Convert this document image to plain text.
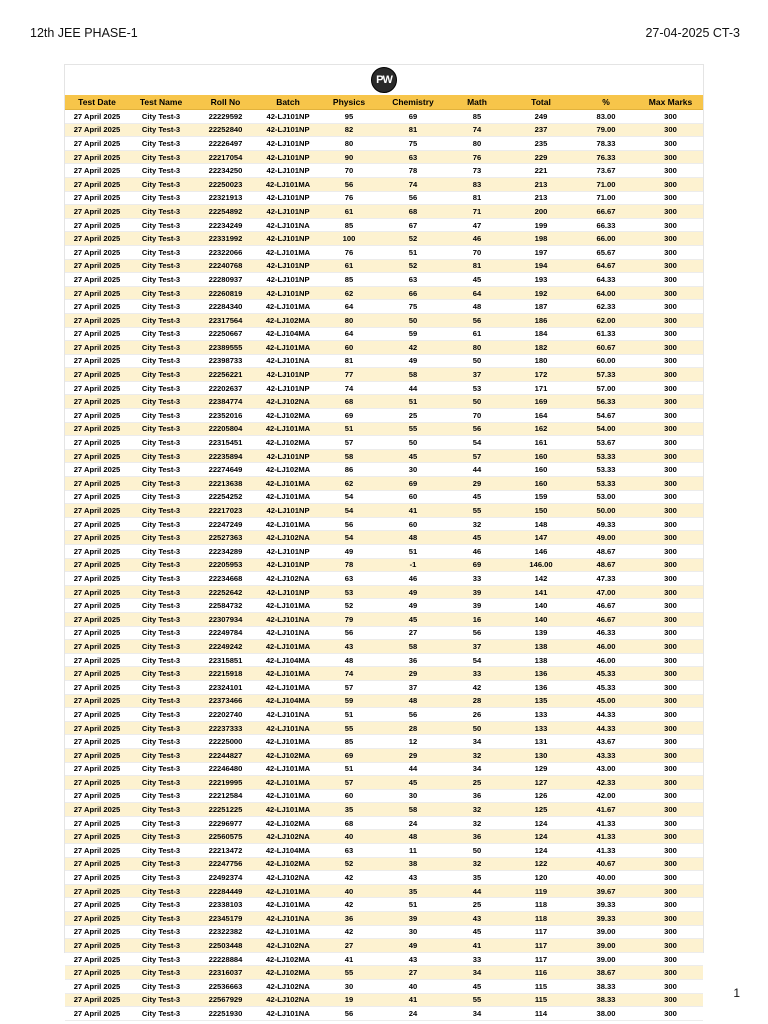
12th JEE PHASE-1	27-04-2025 CT-3
PW
Test Date	Test Name	Roll No	Batch	Physics	Chemistry	Math	Total	%	Max Marks
27 April 2025	City Test-3	22229592	42-LJ101NP	95	69	85	249	83.00	300
27 April 2025	City Test-3	22252840	42-LJ101NP	82	81	74	237	79.00	300
27 April 2025	City Test-3	22226497	42-LJ101NP	80	75	80	235	78.33	300
27 April 2025	City Test-3	22217054	42-LJ101NP	90	63	76	229	76.33	300
27 April 2025	City Test-3	22234250	42-LJ101NP	70	78	73	221	73.67	300
27 April 2025	City Test-3	22250023	42-LJ101MA	56	74	83	213	71.00	300
27 April 2025	City Test-3	22321913	42-LJ101NP	76	56	81	213	71.00	300
27 April 2025	City Test-3	22254892	42-LJ101NP	61	68	71	200	66.67	300
27 April 2025	City Test-3	22234249	42-LJ101NA	85	67	47	199	66.33	300
27 April 2025	City Test-3	22331992	42-LJ101NP	100	52	46	198	66.00	300
27 April 2025	City Test-3	22322066	42-LJ101MA	76	51	70	197	65.67	300
27 April 2025	City Test-3	22240768	42-LJ101NP	61	52	81	194	64.67	300
27 April 2025	City Test-3	22280937	42-LJ101NP	85	63	45	193	64.33	300
27 April 2025	City Test-3	22260819	42-LJ101NP	62	66	64	192	64.00	300
27 April 2025	City Test-3	22284340	42-LJ101MA	64	75	48	187	62.33	300
27 April 2025	City Test-3	22317564	42-LJ102MA	80	50	56	186	62.00	300
27 April 2025	City Test-3	22250667	42-LJ104MA	64	59	61	184	61.33	300
27 April 2025	City Test-3	22389555	42-LJ101MA	60	42	80	182	60.67	300
27 April 2025	City Test-3	22398733	42-LJ101NA	81	49	50	180	60.00	300
27 April 2025	City Test-3	22256221	42-LJ101NP	77	58	37	172	57.33	300
27 April 2025	City Test-3	22202637	42-LJ101NP	74	44	53	171	57.00	300
27 April 2025	City Test-3	22384774	42-LJ102NA	68	51	50	169	56.33	300
27 April 2025	City Test-3	22352016	42-LJ102MA	69	25	70	164	54.67	300
27 April 2025	City Test-3	22205804	42-LJ101MA	51	55	56	162	54.00	300
27 April 2025	City Test-3	22315451	42-LJ102MA	57	50	54	161	53.67	300
27 April 2025	City Test-3	22235894	42-LJ101NP	58	45	57	160	53.33	300
27 April 2025	City Test-3	22274649	42-LJ102MA	86	30	44	160	53.33	300
27 April 2025	City Test-3	22213638	42-LJ101MA	62	69	29	160	53.33	300
27 April 2025	City Test-3	22254252	42-LJ101MA	54	60	45	159	53.00	300
27 April 2025	City Test-3	22217023	42-LJ101NP	54	41	55	150	50.00	300
27 April 2025	City Test-3	22247249	42-LJ101MA	56	60	32	148	49.33	300
27 April 2025	City Test-3	22527363	42-LJ102NA	54	48	45	147	49.00	300
27 April 2025	City Test-3	22234289	42-LJ101NP	49	51	46	146	48.67	300
27 April 2025	City Test-3	22205953	42-LJ101NP	78	-1	69	146.00	48.67	300
27 April 2025	City Test-3	22234668	42-LJ102NA	63	46	33	142	47.33	300
27 April 2025	City Test-3	22252642	42-LJ101NP	53	49	39	141	47.00	300
27 April 2025	City Test-3	22584732	42-LJ101MA	52	49	39	140	46.67	300
27 April 2025	City Test-3	22307934	42-LJ101NA	79	45	16	140	46.67	300
27 April 2025	City Test-3	22249784	42-LJ101NA	56	27	56	139	46.33	300
27 April 2025	City Test-3	22249242	42-LJ101MA	43	58	37	138	46.00	300
27 April 2025	City Test-3	22315851	42-LJ104MA	48	36	54	138	46.00	300
27 April 2025	City Test-3	22215918	42-LJ101MA	74	29	33	136	45.33	300
27 April 2025	City Test-3	22324101	42-LJ101MA	57	37	42	136	45.33	300
27 April 2025	City Test-3	22373466	42-LJ104MA	59	48	28	135	45.00	300
27 April 2025	City Test-3	22202740	42-LJ101NA	51	56	26	133	44.33	300
27 April 2025	City Test-3	22237333	42-LJ101NA	55	28	50	133	44.33	300
27 April 2025	City Test-3	22225000	42-LJ101MA	85	12	34	131	43.67	300
27 April 2025	City Test-3	22244827	42-LJ102MA	69	29	32	130	43.33	300
27 April 2025	City Test-3	22246480	42-LJ101MA	51	44	34	129	43.00	300
27 April 2025	City Test-3	22219995	42-LJ101MA	57	45	25	127	42.33	300
27 April 2025	City Test-3	22212584	42-LJ101MA	60	30	36	126	42.00	300
27 April 2025	City Test-3	22251225	42-LJ101MA	35	58	32	125	41.67	300
27 April 2025	City Test-3	22296977	42-LJ102MA	68	24	32	124	41.33	300
27 April 2025	City Test-3	22560575	42-LJ102NA	40	48	36	124	41.33	300
27 April 2025	City Test-3	22213472	42-LJ104MA	63	11	50	124	41.33	300
27 April 2025	City Test-3	22247756	42-LJ102MA	52	38	32	122	40.67	300
27 April 2025	City Test-3	22492374	42-LJ102NA	42	43	35	120	40.00	300
27 April 2025	City Test-3	22284449	42-LJ101MA	40	35	44	119	39.67	300
27 April 2025	City Test-3	22338103	42-LJ101MA	42	51	25	118	39.33	300
27 April 2025	City Test-3	22345179	42-LJ101NA	36	39	43	118	39.33	300
27 April 2025	City Test-3	22322382	42-LJ101MA	42	30	45	117	39.00	300
27 April 2025	City Test-3	22503448	42-LJ102NA	27	49	41	117	39.00	300
27 April 2025	City Test-3	22228884	42-LJ102MA	41	43	33	117	39.00	300
27 April 2025	City Test-3	22316037	42-LJ102MA	55	27	34	116	38.67	300
27 April 2025	City Test-3	22536663	42-LJ102NA	30	40	45	115	38.33	300
27 April 2025	City Test-3	22567929	42-LJ102NA	19	41	55	115	38.33	300
27 April 2025	City Test-3	22251930	42-LJ101NA	56	24	34	114	38.00	300
1
